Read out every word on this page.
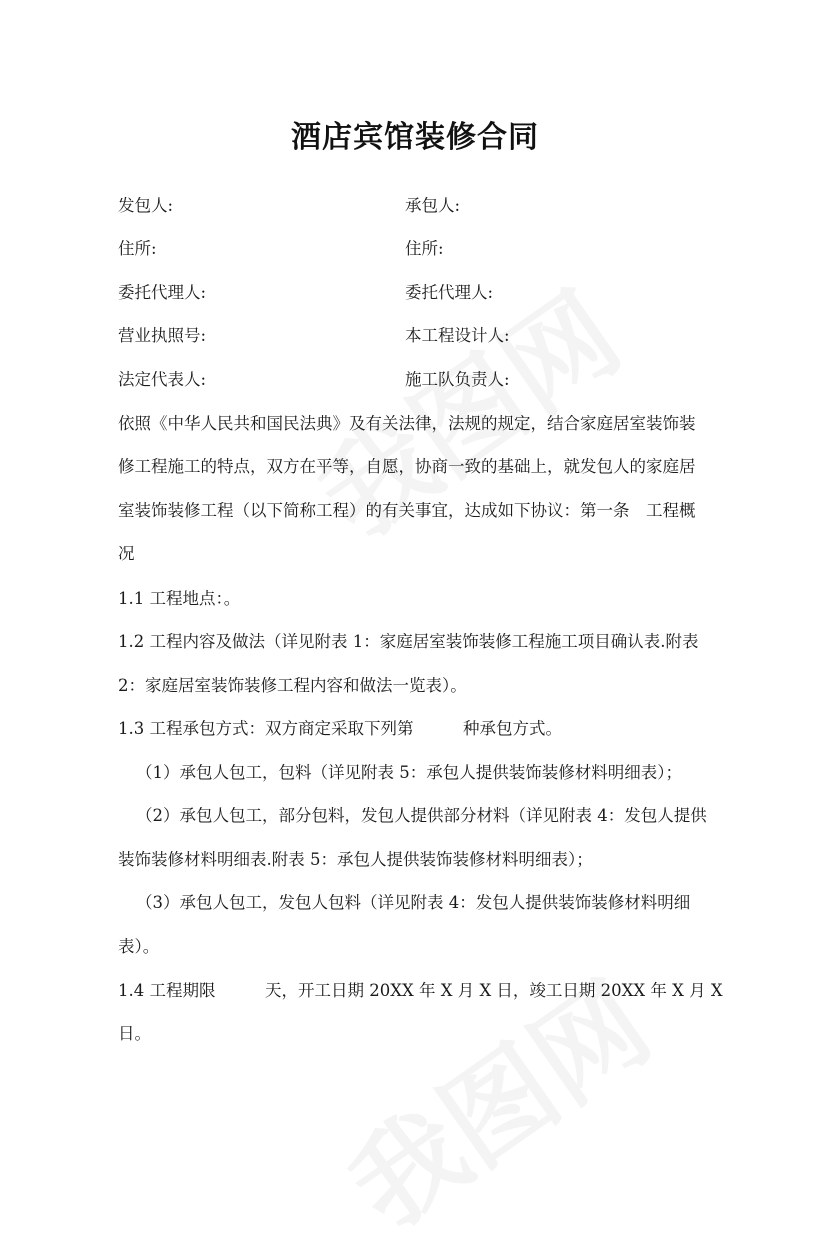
酒店宾馆装修合同
发包人:	承包人:
住所:	住所:
委托代理人:	委托代理人:
营业执照号:	本工程设计人:
法定代表人:	施工队负责人:
依照《中华人民共和国民法典》及有关法律，法规的规定，结合家庭居室装饰装
修工程施工的特点，双方在平等，自愿，协商一致的基础上，就发包人的家庭居
室装饰装修工程（以下简称工程）的有关事宜，达成如下协议：第一条　工程概
况
1.1 工程地点：。
1.2 工程内容及做法（详见附表 1：家庭居室装饰装修工程施工项目确认表.附表
2：家庭居室装饰装修工程内容和做法一览表）。
1.3 工程承包方式：双方商定采取下列第　　　种承包方式。
（1）承包人包工，包料（详见附表 5：承包人提供装饰装修材料明细表）；
（2）承包人包工，部分包料，发包人提供部分材料（详见附表 4：发包人提供
装饰装修材料明细表.附表 5：承包人提供装饰装修材料明细表）；
（3）承包人包工，发包人包料（详见附表 4：发包人提供装饰装修材料明细
表）。
1.4 工程期限　　　天，开工日期 20XX 年 X 月 X 日，竣工日期 20XX 年 X 月 X
日。
